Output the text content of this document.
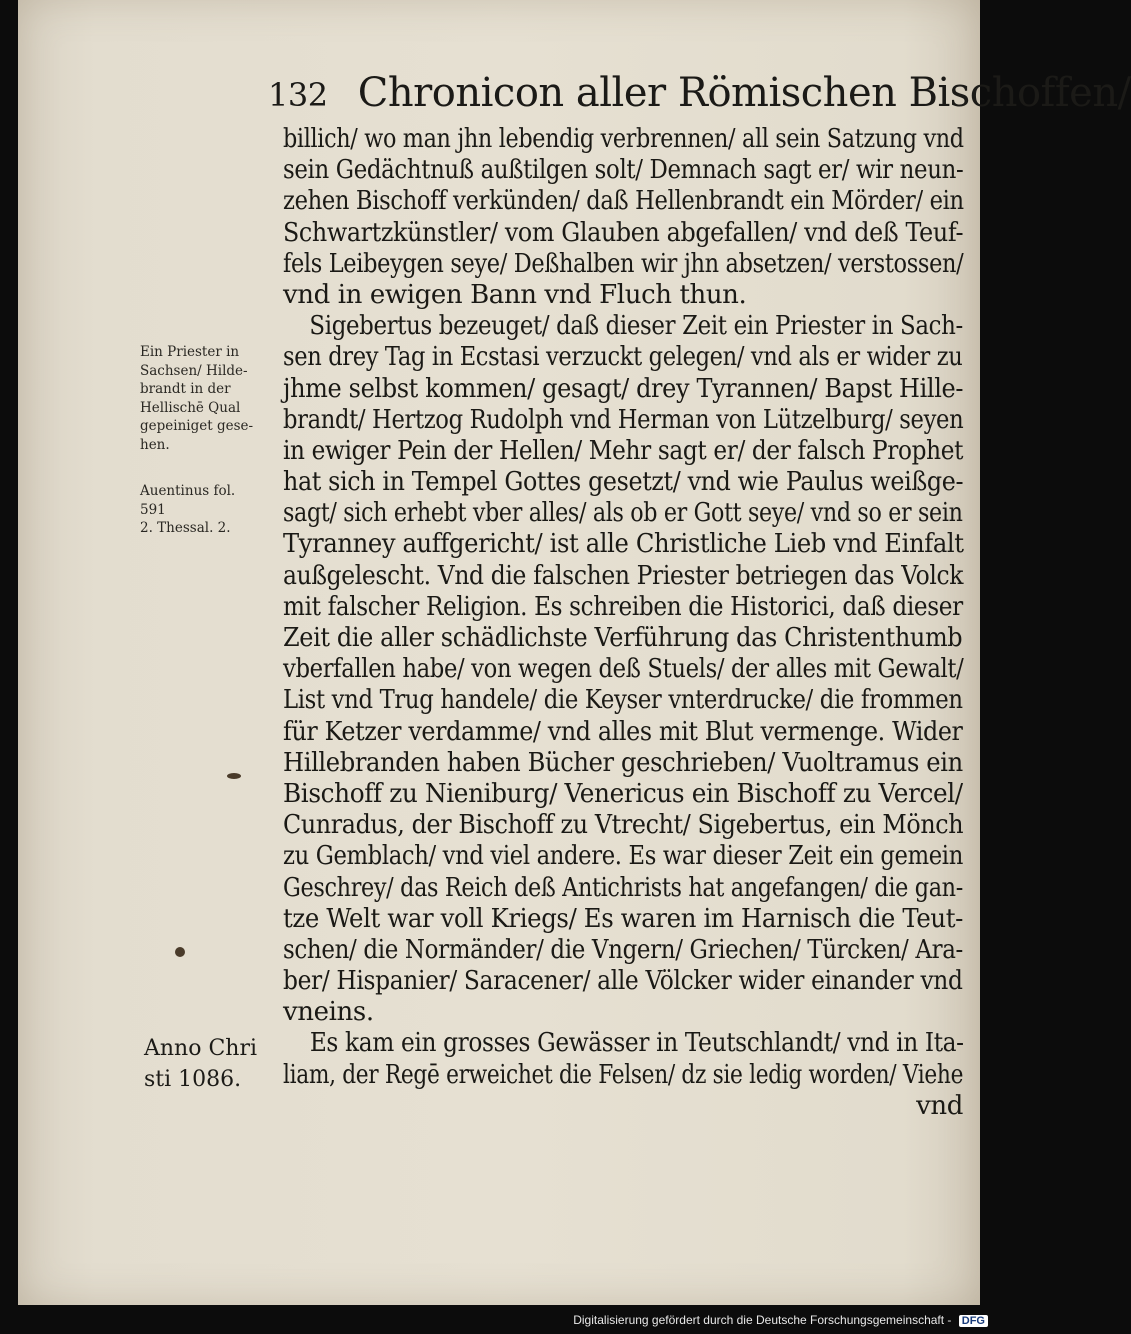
132 Chronicon aller Römischen Bischoffen/
billich/ wo man jhn lebendig verbrennen/ all sein Satzung vnd
sein Gedächtnuß außtilgen solt/ Demnach sagt er/ wir neun-
zehen Bischoff verkünden/ daß Hellenbrandt ein Mörder/ ein
Schwartzkünstler/ vom Glauben abgefallen/ vnd deß Teuf-
fels Leibeygen seye/ Deßhalben wir jhn absetzen/ verstossen/
vnd in ewigen Bann vnd Fluch thun.
Sigebertus bezeuget/ daß dieser Zeit ein Priester in Sach-
sen drey Tag in Ecstasi verzuckt gelegen/ vnd als er wider zu
jhme selbst kommen/ gesagt/ drey Tyrannen/ Bapst Hille-
brandt/ Hertzog Rudolph vnd Herman von Lützelburg/ seyen
in ewiger Pein der Hellen/ Mehr sagt er/ der falsch Prophet
hat sich in Tempel Gottes gesetzt/ vnd wie Paulus weißge-
sagt/ sich erhebt vber alles/ als ob er Gott seye/ vnd so er sein
Tyranney auffgericht/ ist alle Christliche Lieb vnd Einfalt
außgelescht. Vnd die falschen Priester betriegen das Volck
mit falscher Religion. Es schreiben die Historici, daß dieser
Zeit die aller schädlichste Verführung das Christenthumb
vberfallen habe/ von wegen deß Stuels/ der alles mit Gewalt/
List vnd Trug handele/ die Keyser vnterdrucke/ die frommen
für Ketzer verdamme/ vnd alles mit Blut vermenge. Wider
Hillebranden haben Bücher geschrieben/ Vuoltramus ein
Bischoff zu Nieniburg/ Venericus ein Bischoff zu Vercel/
Cunradus, der Bischoff zu Vtrecht/ Sigebertus, ein Mönch
zu Gemblach/ vnd viel andere. Es war dieser Zeit ein gemein
Geschrey/ das Reich deß Antichrists hat angefangen/ die gan-
tze Welt war voll Kriegs/ Es waren im Harnisch die Teut-
schen/ die Normänder/ die Vngern/ Griechen/ Türcken/ Ara-
ber/ Hispanier/ Saracener/ alle Völcker wider einander vnd
vneins.
Es kam ein grosses Gewässer in Teutschlandt/ vnd in Ita-
liam, der Regē erweichet die Felsen/ dz sie ledig worden/ Viehe
vnd
Ein Priester in
Sachsen/ Hilde-
brandt in der
Hellischē Qual
gepeiniget gese-
hen.
Auentinus fol.
591
2. Thessal. 2.
Anno Chri
sti 1086.
Digitalisierung gefördert durch die Deutsche Forschungsgemeinschaft - DFG
